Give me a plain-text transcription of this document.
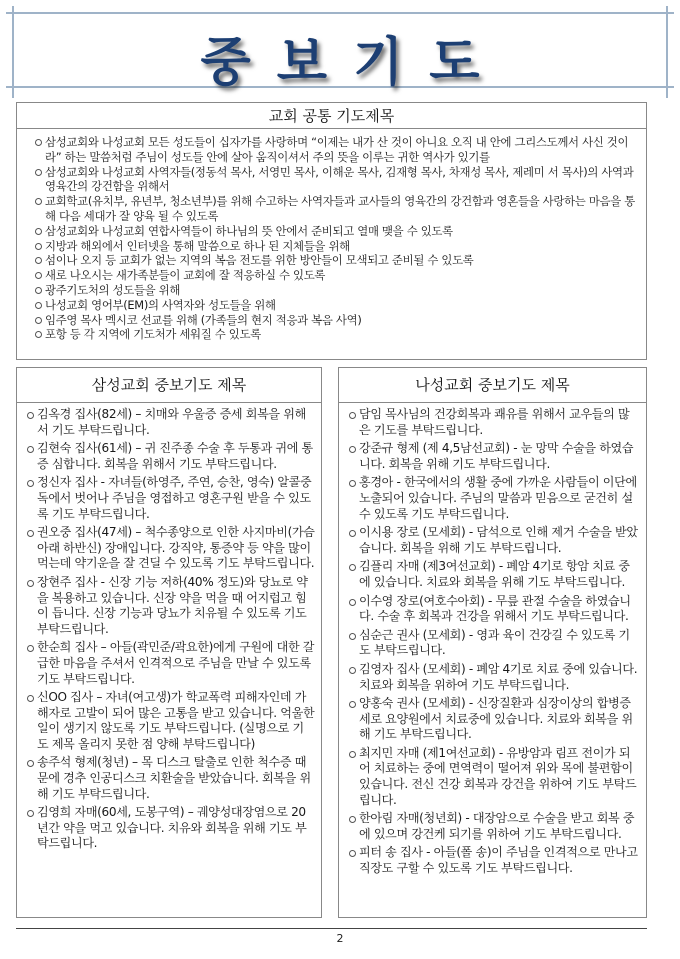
중보기도
교회 공통 기도제목
삼성교회와 나성교회 모든 성도들이 십자가를 사랑하며 “이제는 내가 산 것이 아니요 오직 내 안에 그리스도께서 사신 것이라” 하는 말씀처럼 주님이 성도들 안에 살아 움직이셔서 주의 뜻을 이루는 귀한 역사가 있기를
삼성교회와 나성교회 사역자들(정동석 목사, 서영민 목사, 이해운 목사, 김재형 목사, 차재성 목사, 제레미 서 목사)의 사역과 영육간의 강건함을 위해서
교회학교(유치부, 유년부, 청소년부)를 위해 수고하는 사역자들과 교사들의 영육간의 강건함과 영혼들을 사랑하는 마음을 통해 다음 세대가 잘 양육 될 수 있도록
삼성교회와 나성교회 연합사역들이 하나님의 뜻 안에서 준비되고 열매 맺을 수 있도록
지방과 해외에서 인터넷을 통해 말씀으로 하나 된 지체들을 위해
섬이나 오지 등 교회가 없는 지역의 복음 전도를 위한 방안들이 모색되고 준비될 수 있도록
새로 나오시는 새가족분들이 교회에 잘 적응하실 수 있도록
광주기도처의 성도들을 위해
나성교회 영어부(EM)의 사역자와 성도들을 위해
임주영 목사 멕시코 선교를 위해 (가족들의 현지 적응과 복음 사역)
포항 등 각 지역에 기도처가 세워질 수 있도록
삼성교회 중보기도 제목
김옥경 집사(82세) – 치매와 우울증 증세 회복을 위해서 기도 부탁드립니다.
김현숙 집사(61세) – 귀 진주종 수술 후 두통과 귀에 통증 심합니다. 회복을 위해서 기도 부탁드립니다.
정신자 집사 - 자녀들(하영주, 주연, 승찬, 영숙) 알콜중독에서 벗어나 주님을 영접하고 영혼구원 받을 수 있도록 기도 부탁드립니다.
권오중 집사(47세) – 척수종양으로 인한 사지마비(가슴 아래 하반신) 장애입니다. 강직약, 통증약 등 약을 많이 먹는데 약기운을 잘 견딜 수 있도록 기도 부탁드립니다.
장현주 집사 - 신장 기능 저하(40% 정도)와 당뇨로 약을 복용하고 있습니다. 신장 약을 먹을 때 어지럽고 힘이 듭니다. 신장 기능과 당뇨가 치유될 수 있도록 기도 부탁드립니다.
한순희 집사 – 아들(곽민준/곽요한)에게 구원에 대한 갈급한 마음을 주셔서 인격적으로 주님을 만날 수 있도록 기도 부탁드립니다.
신OO 집사 – 자녀(여고생)가 학교폭력 피해자인데 가해자로 고발이 되어 많은 고통을 받고 있습니다. 억울한 일이 생기지 않도록 기도 부탁드립니다. (실명으로 기도 제목 올리지 못한 점 양해 부탁드립니다)
송주석 형제(청년) – 목 디스크 탈출로 인한 척수증 때문에 경추 인공디스크 치환술을 받았습니다. 회복을 위해 기도 부탁드립니다.
김영희 자매(60세, 도봉구역) – 궤양성대장염으로 20년간 약을 먹고 있습니다. 치유와 회복을 위해 기도 부탁드립니다.
나성교회 중보기도 제목
담임 목사님의 건강회복과 쾌유를 위해서 교우들의 많은 기도를 부탁드립니다.
강준규 형제 (제 4,5남선교회) - 눈 망막 수술을 하였습니다. 회복을 위해 기도 부탁드립니다.
홍경아 - 한국에서의 생활 중에 가까운 사람들이 이단에 노출되어 있습니다. 주님의 말씀과 믿음으로 굳건히 설 수 있도록 기도 부탁드립니다.
이시용 장로 (모세회) - 담석으로 인해 제거 수술을 받았습니다. 회복을 위해 기도 부탁드립니다.
김플리 자매 (제3여선교회) - 폐암 4기로 항암 치료 중에 있습니다. 치료와 회복을 위해 기도 부탁드립니다.
이수영 장로(여호수아회) - 무릎 관절 수술을 하였습니다. 수술 후 회복과 건강을 위해서 기도 부탁드립니다.
심순근 권사 (모세회) - 영과 육이 건강길 수 있도록 기도 부탁드립니다.
김영자 집사 (모세회) - 폐암 4기로 치료 중에 있습니다. 치료와 회복을 위하여 기도 부탁드립니다.
양홍숙 권사 (모세회) - 신장질환과 심장이상의 합병증세로 요양원에서 치료중에 있습니다. 치료와 회복을 위해 기도 부탁드립니다.
최지민 자매 (제1여선교회) - 유방암과 림프 전이가 되어 치료하는 중에 면역력이 떨어져 위와 목에 불편함이 있습니다. 전신 건강 회복과 강건을 위하여 기도 부탁드립니다.
한아림 자매(청년회) - 대장암으로 수술을 받고 회복 중에 있으며 강건케 되기를 위하여 기도 부탁드립니다.
피터 송 집사 - 아들(폴 송)이 주님을 인격적으로 만나고 직장도 구할 수 있도록 기도 부탁드립니다.
2
